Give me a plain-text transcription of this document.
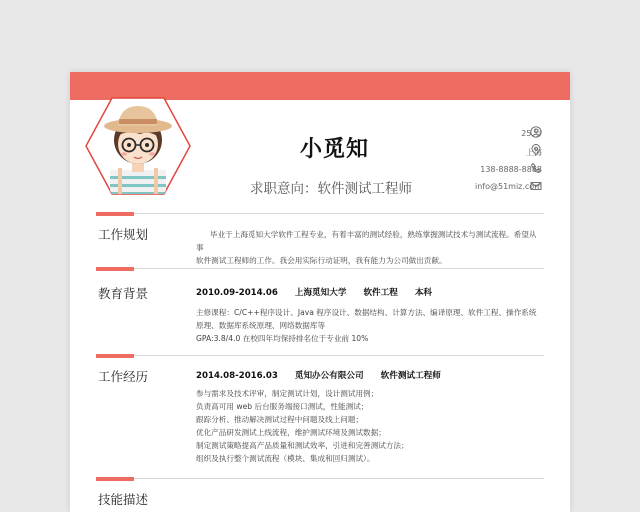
小觅知
求职意向：软件测试工程师
25 岁
上海
138-8888-8888
info@51miz.com
工作规划	毕业于上海觅知大学软件工程专业，有着丰富的测试经验，熟练掌握测试技术与测试流程。希望从事
软件测试工程师的工作。我会用实际行动证明，我有能力为公司做出贡献。
教育背景	2010.09-2014.06 上海觅知大学 软件工程 本科
主修课程：C/C++程序设计、Java 程序设计、数据结构、计算方法、编译原理、软件工程、操作系统
原理、数据库系统原理、网络数据库等
GPA:3.8/4.0 在校四年均保持排名位于专业前 10%
工作经历	2014.08-2016.03 觅知办公有限公司 软件测试工程师
参与需求及技术评审，制定测试计划，设计测试用例；
负责高可用 web 后台服务端接口测试，性能测试；
跟踪分析、推动解决测试过程中问题及线上问题；
优化产品研发测试上线流程，维护测试环境及测试数据；
制定测试策略提高产品质量和测试效率，引进和完善测试方法；
组织及执行整个测试流程（模块、集成和回归测试）。
技能描述
